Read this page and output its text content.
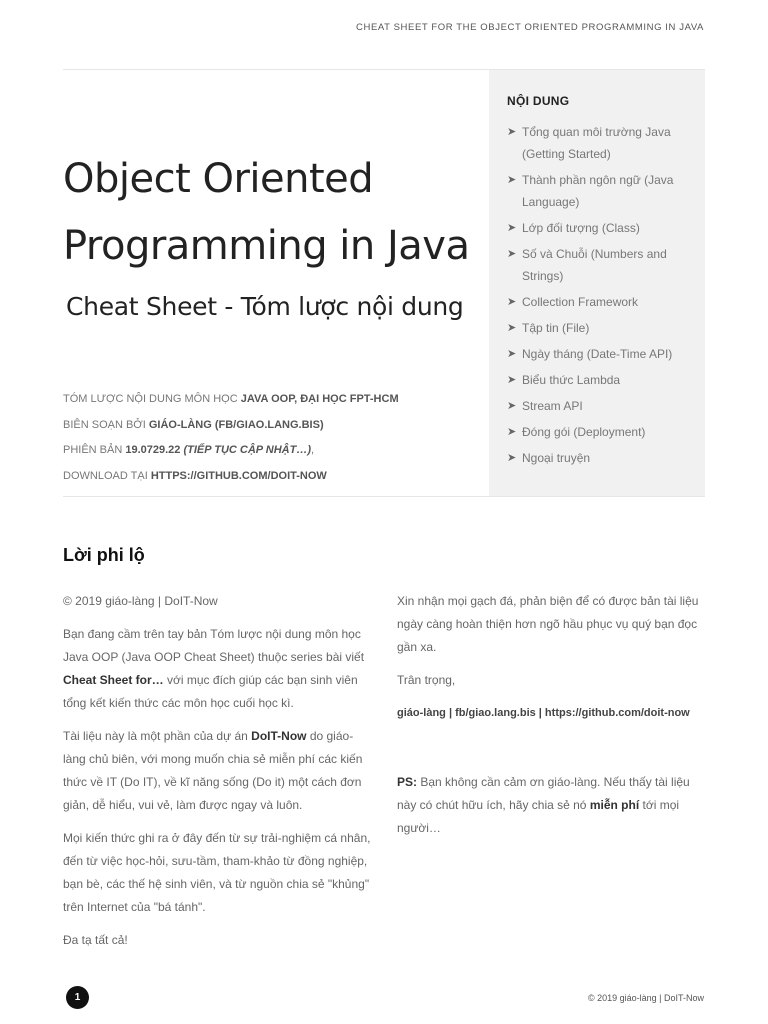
CHEAT SHEET FOR THE OBJECT ORIENTED PROGRAMMING IN JAVA
Object Oriented
Programming in Java
Cheat Sheet - Tóm lược nội dung
TÓM LƯỢC NỘI DUNG MÔN HỌC JAVA OOP, ĐẠI HỌC FPT-HCM
BIÊN SOẠN BỞI GIÁO-LÀNG (FB/GIAO.LANG.BIS)
PHIÊN BẢN 19.0729.22 (TIẾP TỤC CẬP NHẬT…),
DOWNLOAD TẠI HTTPS://GITHUB.COM/DOIT-NOW
NỘI DUNG
➤ Tổng quan môi trường Java (Getting Started)
➤ Thành phần ngôn ngữ (Java Language)
➤ Lớp đối tượng (Class)
➤ Số và Chuỗi (Numbers and Strings)
➤ Collection Framework
➤ Tập tin (File)
➤ Ngày tháng (Date-Time API)
➤ Biểu thức Lambda
➤ Stream API
➤ Đóng gói (Deployment)
➤ Ngoại truyện
Lời phi lộ

© 2019 giáo-làng | DoIT-Now

Bạn đang cầm trên tay bản Tóm lược nội dung môn học Java OOP (Java OOP Cheat Sheet) thuộc series bài viết Cheat Sheet for… với mục đích giúp các bạn sinh viên tổng kết kiến thức các môn học cuối học kì.

Tài liệu này là một phần của dự án DoIT-Now do giáo-làng chủ biên, với mong muốn chia sẻ miễn phí các kiến thức về IT (Do IT), về kĩ năng sống (Do it) một cách đơn giản, dễ hiểu, vui vẻ, làm được ngay và luôn.

Mọi kiến thức ghi ra ở đây đến từ sự trải-nghiệm cá nhân, đến từ việc học-hỏi, sưu-tầm, tham-khảo từ đồng nghiệp, bạn bè, các thế hệ sinh viên, và từ nguồn chia sẻ "khủng" trên Internet của "bá tánh".

Đa tạ tất cả!

Xin nhận mọi gạch đá, phản biện để có được bản tài liệu ngày càng hoàn thiện hơn ngõ hầu phục vụ quý bạn đọc gần xa.

Trân trọng,

giáo-làng | fb/giao.lang.bis | https://github.com/doit-now

PS: Bạn không cần cảm ơn giáo-làng. Nếu thấy tài liệu này có chút hữu ích, hãy chia sẻ nó miễn phí tới mọi người…

1	© 2019 giáo-làng | DoIT-Now
